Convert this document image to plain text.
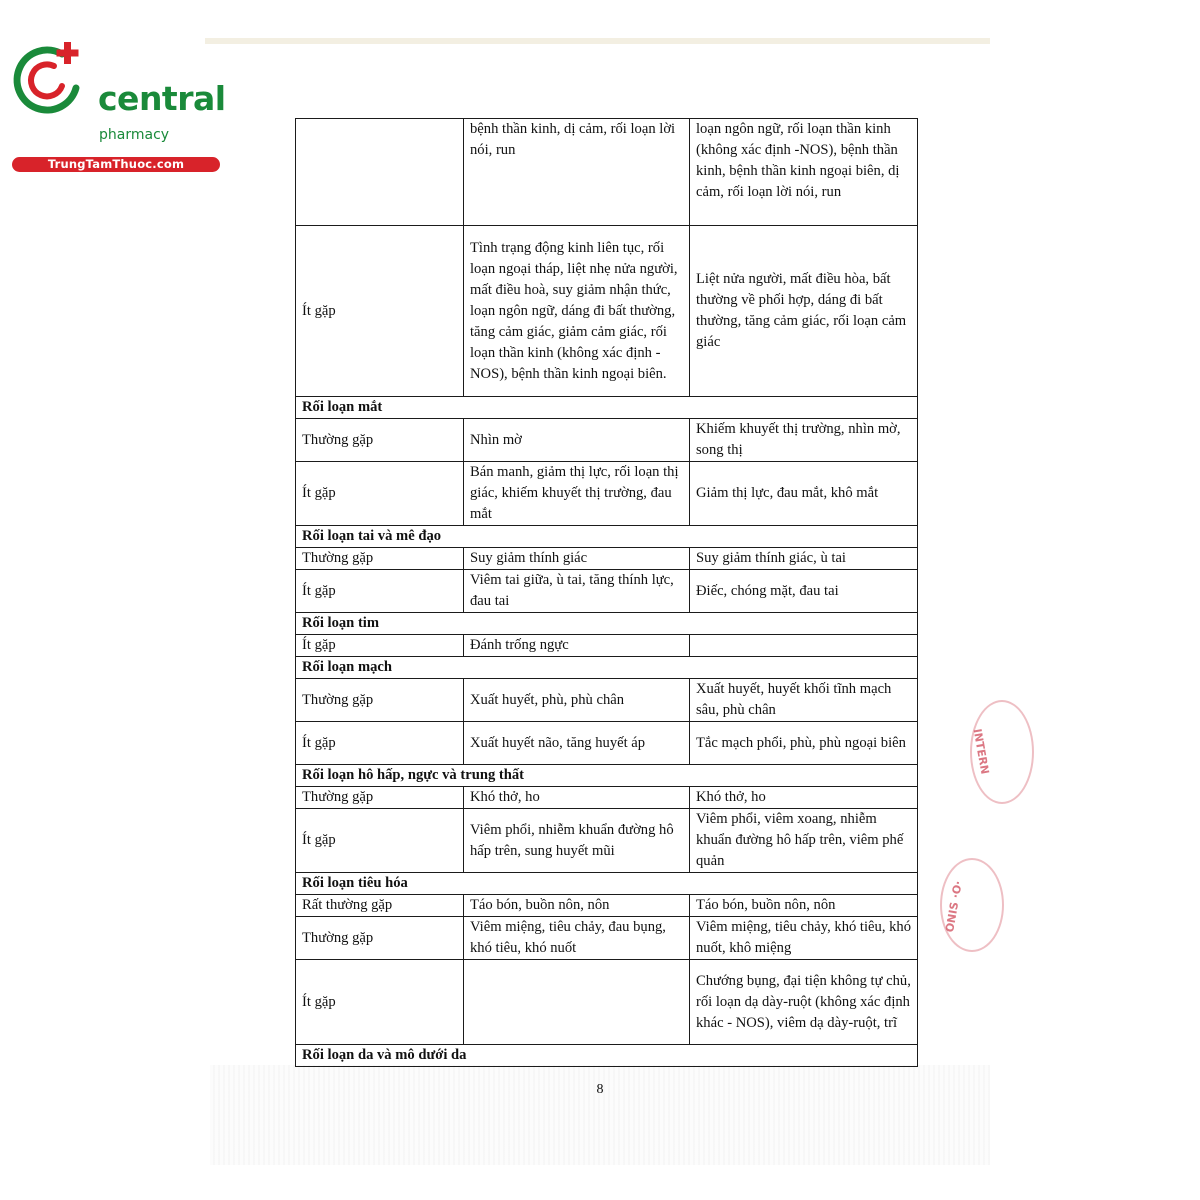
central
pharmacy
TrungTamThuoc.com
INTERN
ONIS ·O·
	bệnh thần kinh, dị cảm, rối loạn lời nói, run	loạn ngôn ngữ, rối loạn thần kinh (không xác định -NOS), bệnh thần kinh, bệnh thần kinh ngoại biên, dị cảm, rối loạn lời nói, run
Ít gặp	Tình trạng động kinh liên tục, rối loạn ngoại tháp, liệt nhẹ nửa người, mất điều hoà, suy giảm nhận thức, loạn ngôn ngữ, dáng đi bất thường, tăng cảm giác, giảm cảm giác, rối loạn thần kinh (không xác định -NOS), bệnh thần kinh ngoại biên.	Liệt nửa người, mất điều hòa, bất thường về phối hợp, dáng đi bất thường, tăng cảm giác, rối loạn cảm giác
Rối loạn mắt		
Thường gặp	Nhìn mờ	Khiếm khuyết thị trường, nhìn mờ, song thị
Ít gặp	Bán manh, giảm thị lực, rối loạn thị giác, khiếm khuyết thị trường, đau mắt	Giảm thị lực, đau mắt, khô mắt
Rối loạn tai và mê đạo		
Thường gặp	Suy giảm thính giác	Suy giảm thính giác, ù tai
Ít gặp	Viêm tai giữa, ù tai, tăng thính lực, đau tai	Điếc, chóng mặt, đau tai
Rối loạn tim		
Ít gặp	Đánh trống ngực	
Rối loạn mạch		
Thường gặp	Xuất huyết, phù, phù chân	Xuất huyết, huyết khối tĩnh mạch sâu, phù chân
Ít gặp	Xuất huyết não, tăng huyết áp	Tắc mạch phổi, phù, phù ngoại biên
Rối loạn hô hấp, ngực và trung thất		
Thường gặp	Khó thở, ho	Khó thở, ho
Ít gặp	Viêm phổi, nhiễm khuẩn đường hô hấp trên, sung huyết mũi	Viêm phổi, viêm xoang, nhiễm khuẩn đường hô hấp trên, viêm phế quản
Rối loạn tiêu hóa		
Rất thường gặp	Táo bón, buồn nôn, nôn	Táo bón, buồn nôn, nôn
Thường gặp	Viêm miệng, tiêu chảy, đau bụng, khó tiêu, khó nuốt	Viêm miệng, tiêu chảy, khó tiêu, khó nuốt, khô miệng
Ít gặp		Chướng bụng, đại tiện không tự chủ, rối loạn dạ dày-ruột (không xác định khác - NOS), viêm dạ dày-ruột, trĩ
Rối loạn da và mô dưới da		
8
